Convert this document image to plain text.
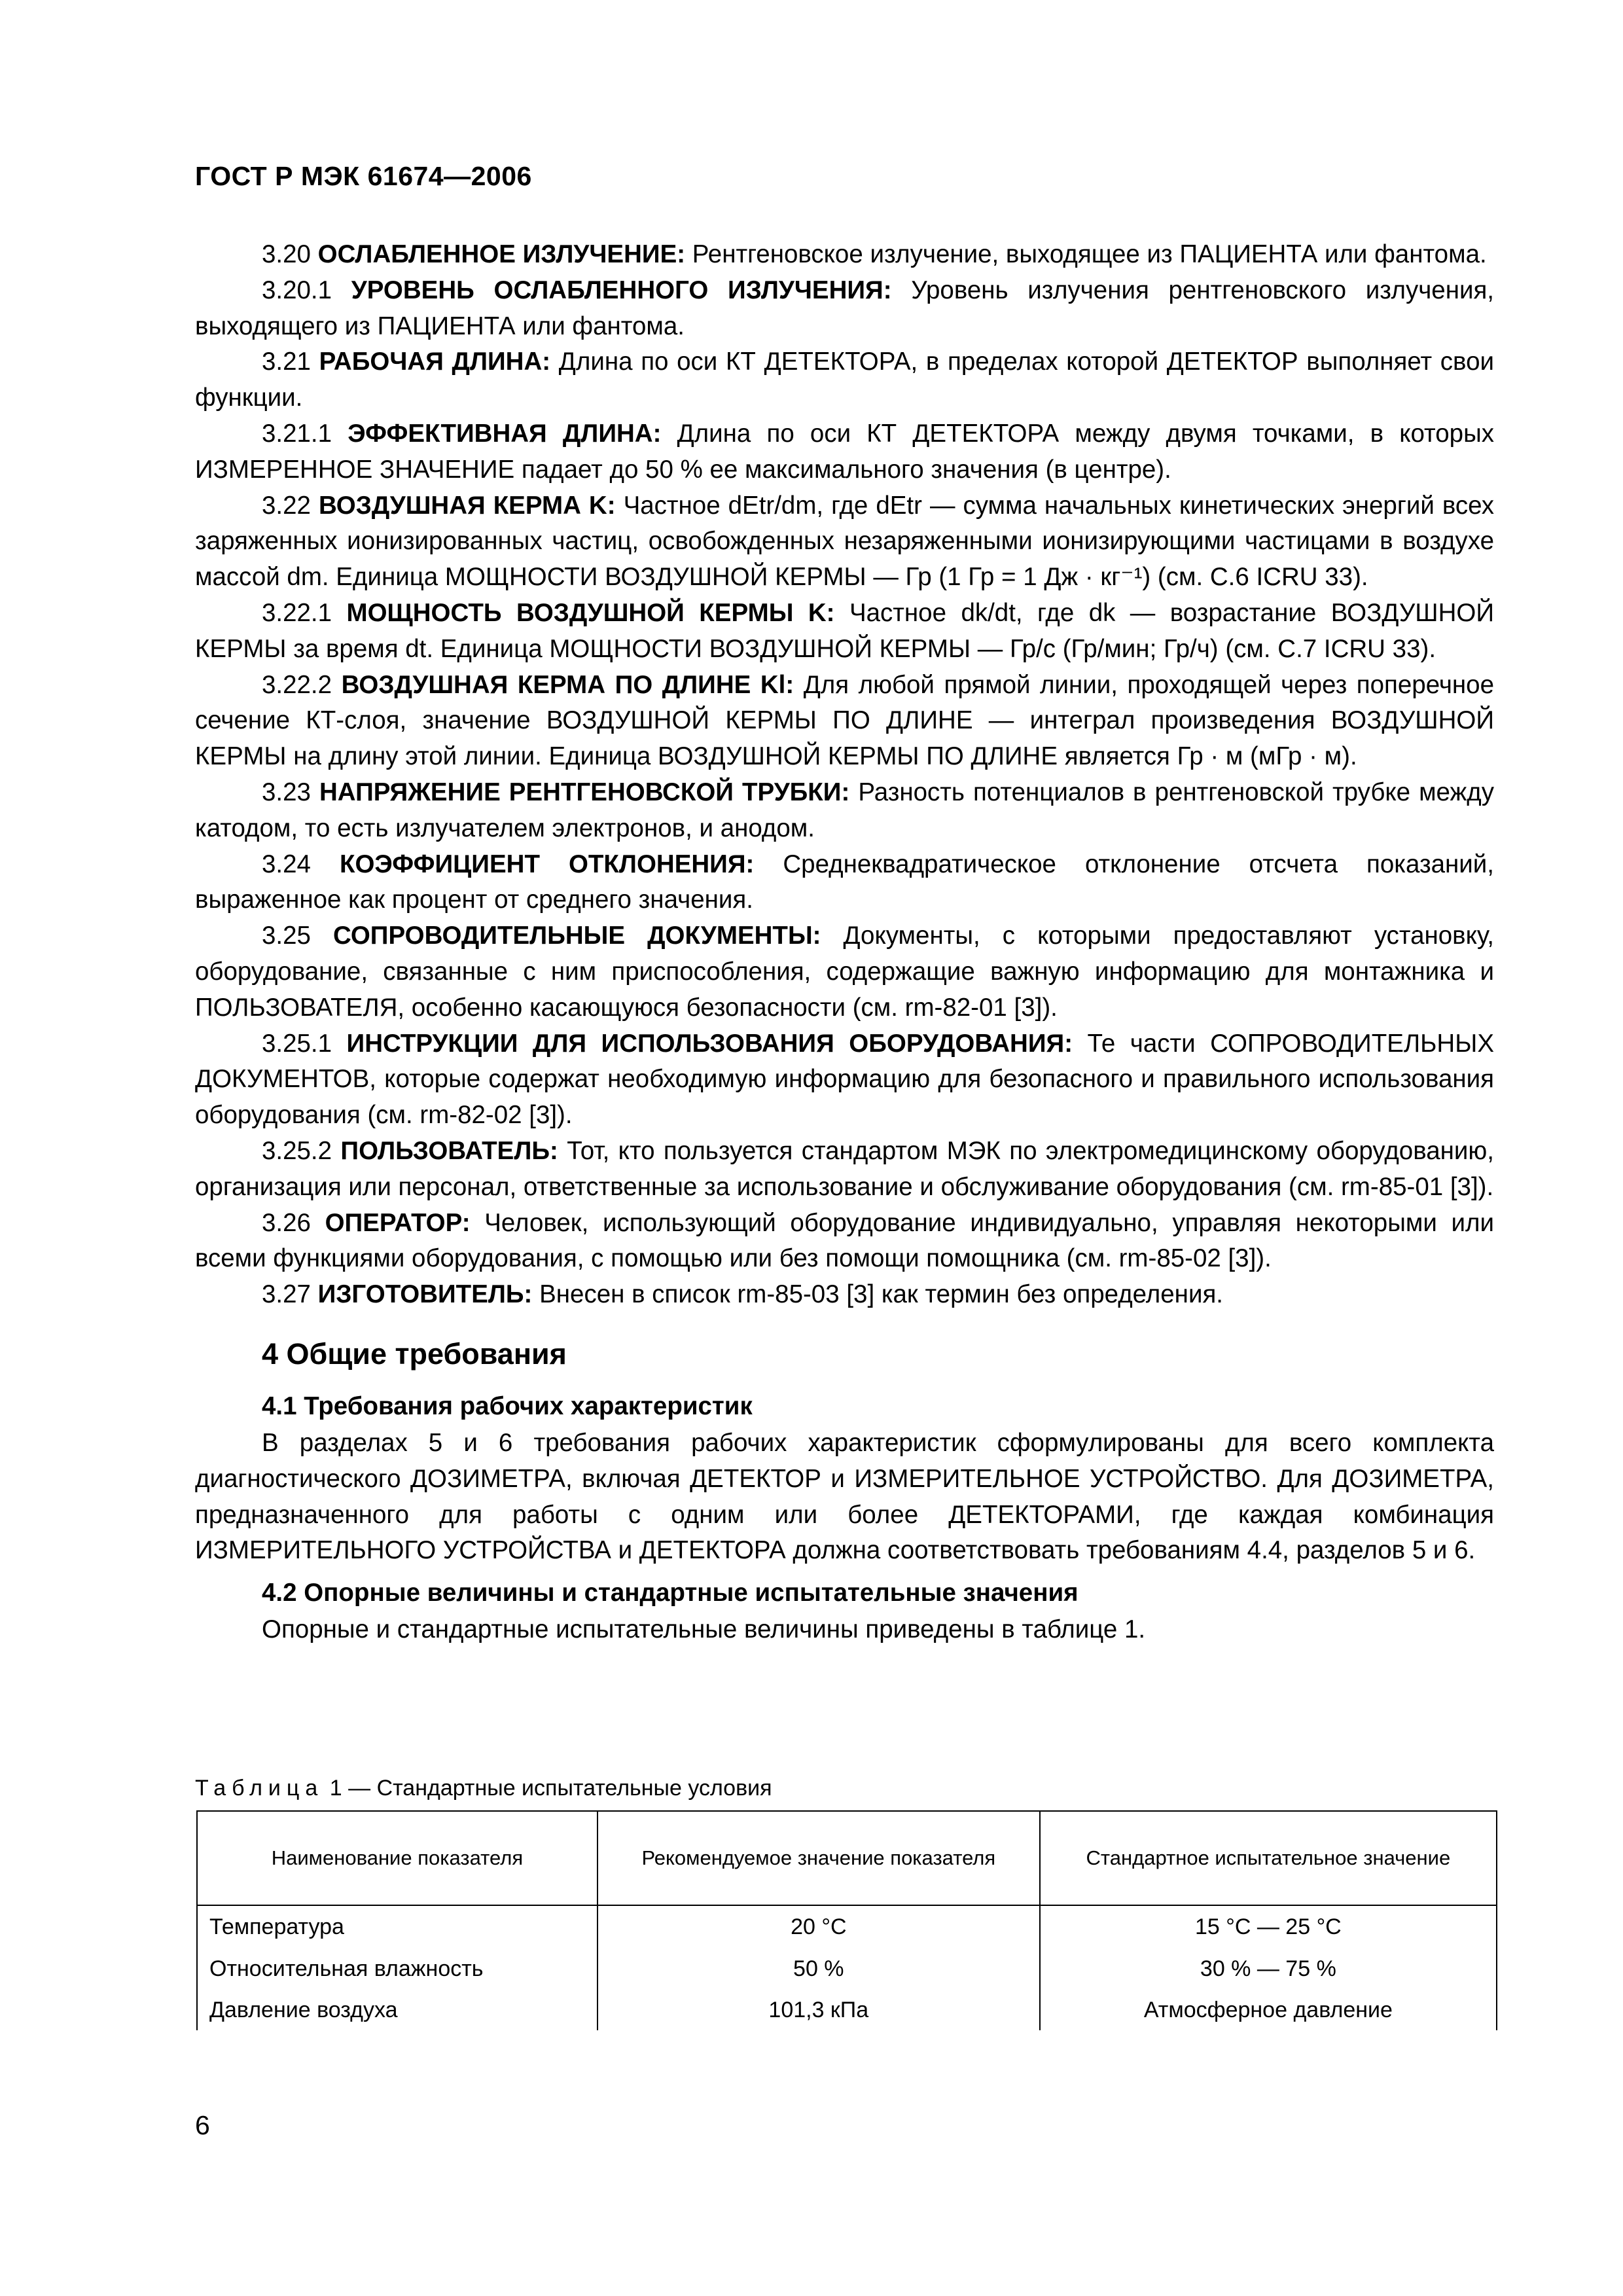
ГОСТ Р МЭК 61674—2006

3.20 ОСЛАБЛЕННОЕ ИЗЛУЧЕНИЕ: Рентгеновское излучение, выходящее из ПАЦИЕНТА или фантома.

3.20.1 УРОВЕНЬ ОСЛАБЛЕННОГО ИЗЛУЧЕНИЯ: Уровень излучения рентгеновского излучения, выходящего из ПАЦИЕНТА или фантома.

3.21 РАБОЧАЯ ДЛИНА: Длина по оси КТ ДЕТЕКТОРА, в пределах которой ДЕТЕКТОР выполняет свои функции.

3.21.1 ЭФФЕКТИВНАЯ ДЛИНА: Длина по оси КТ ДЕТЕКТОРА между двумя точками, в которых ИЗМЕРЕННОЕ ЗНАЧЕНИЕ падает до 50 % ее максимального значения (в центре).

3.22 ВОЗДУШНАЯ КЕРМА K: Частное dEtr/dm, где dEtr — сумма начальных кинетических энергий всех заряженных ионизированных частиц, освобожденных незаряженными ионизирующими частицами в воздухе массой dm. Единица МОЩНОСТИ ВОЗДУШНОЙ КЕРМЫ — Гр (1 Гр = 1 Дж · кг⁻¹) (см. С.6 ICRU 33).

3.22.1 МОЩНОСТЬ ВОЗДУШНОЙ КЕРМЫ K: Частное dk/dt, где dk — возрастание ВОЗДУШНОЙ КЕРМЫ за время dt. Единица МОЩНОСТИ ВОЗДУШНОЙ КЕРМЫ — Гр/с (Гр/мин; Гр/ч) (см. С.7 ICRU 33).

3.22.2 ВОЗДУШНАЯ КЕРМА ПО ДЛИНЕ Kl: Для любой прямой линии, проходящей через поперечное сечение КТ-слоя, значение ВОЗДУШНОЙ КЕРМЫ ПО ДЛИНЕ — интеграл произведения ВОЗДУШНОЙ КЕРМЫ на длину этой линии. Единица ВОЗДУШНОЙ КЕРМЫ ПО ДЛИНЕ является Гр · м (мГр · м).

3.23 НАПРЯЖЕНИЕ РЕНТГЕНОВСКОЙ ТРУБКИ: Разность потенциалов в рентгеновской трубке между катодом, то есть излучателем электронов, и анодом.

3.24 КОЭФФИЦИЕНТ ОТКЛОНЕНИЯ: Среднеквадратическое отклонение отсчета показаний, выраженное как процент от среднего значения.

3.25 СОПРОВОДИТЕЛЬНЫЕ ДОКУМЕНТЫ: Документы, с которыми предоставляют установку, оборудование, связанные с ним приспособления, содержащие важную информацию для монтажника и ПОЛЬЗОВАТЕЛЯ, особенно касающуюся безопасности (см. rm-82-01 [3]).

3.25.1 ИНСТРУКЦИИ ДЛЯ ИСПОЛЬЗОВАНИЯ ОБОРУДОВАНИЯ: Те части СОПРОВОДИТЕЛЬНЫХ ДОКУМЕНТОВ, которые содержат необходимую информацию для безопасного и правильного использования оборудования (см. rm-82-02 [3]).

3.25.2 ПОЛЬЗОВАТЕЛЬ: Тот, кто пользуется стандартом МЭК по электромедицинскому оборудованию, организация или персонал, ответственные за использование и обслуживание оборудования (см. rm-85-01 [3]).

3.26 ОПЕРАТОР: Человек, использующий оборудование индивидуально, управляя некоторыми или всеми функциями оборудования, с помощью или без помощи помощника (см. rm-85-02 [3]).

3.27 ИЗГОТОВИТЕЛЬ: Внесен в список rm-85-03 [3] как термин без определения.

4 Общие требования
4.1 Требования рабочих характеристик

В разделах 5 и 6 требования рабочих характеристик сформулированы для всего комплекта диагностического ДОЗИМЕТРА, включая ДЕТЕКТОР и ИЗМЕРИТЕЛЬНОЕ УСТРОЙСТВО. Для ДОЗИМЕТРА, предназначенного для работы с одним или более ДЕТЕКТОРАМИ, где каждая комбинация ИЗМЕРИТЕЛЬНОГО УСТРОЙСТВА и ДЕТЕКТОРА должна соответствовать требованиям 4.4, разделов 5 и 6.

4.2 Опорные величины и стандартные испытательные значения

Опорные и стандартные испытательные величины приведены в таблице 1.

Таблица 1 — Стандартные испытательные условия
Наименование показателя	Рекомендуемое значение показателя	Стандартное испытательное значение
Температура	20 °С	15 °С — 25 °С
Относительная влажность	50 %	30 % — 75 %
Давление воздуха	101,3 кПа	Атмосферное давление
6
